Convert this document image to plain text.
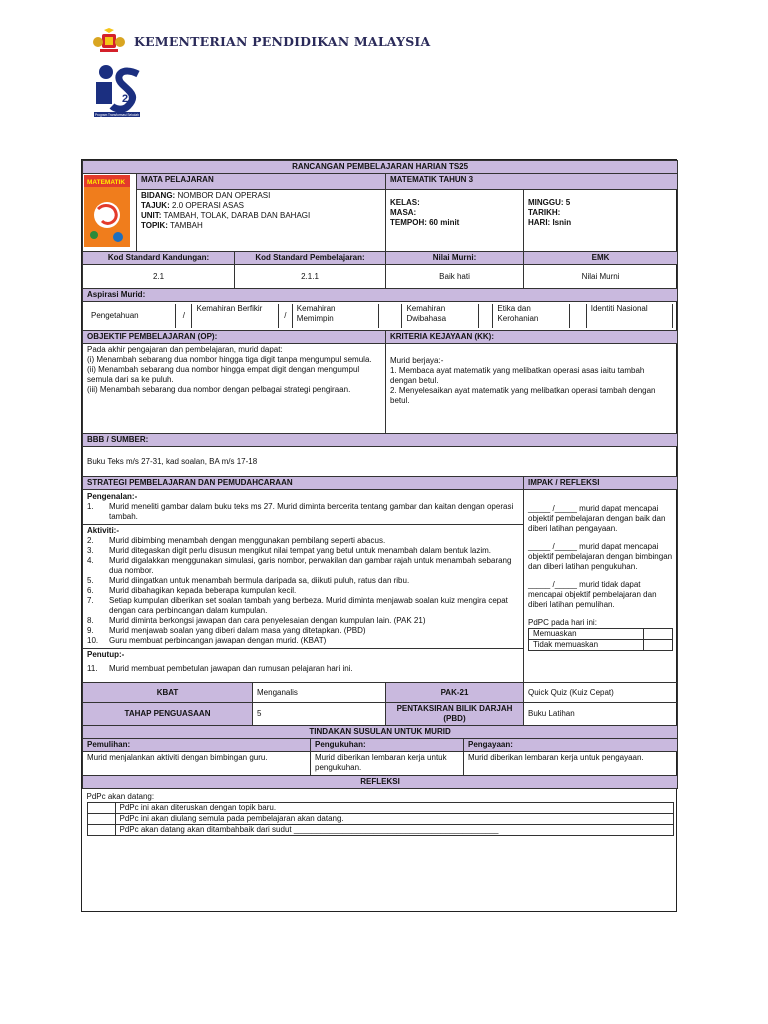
KEMENTERIAN PENDIDIKAN MALAYSIA
25
Program Transformasi Sekolah
RANCANGAN PEMBELAJARAN HARIAN TS25

MATEMATIK	MATA PELAJARAN	MATEMATIK TAHUN 3

BIDANG: NOMBOR DAN OPERASI
TAJUK: 2.0 OPERASI ASAS
UNIT: TAMBAH, TOLAK, DARAB DAN BAHAGI
TOPIK: TAMBAH

KELAS:
MASA:
TEMPOH: 60 minit

MINGGU: 5
TARIKH:
HARI: Isnin

Kod Standard Kandungan:	Kod Standard Pembelajaran:	Nilai Murni:	EMK
2.1	2.1.1	Baik hati	Nilai Murni
Aspirasi Murid:

Pengetahuan	/	Kemahiran Berfikir	/	Kemahiran Memimpin		Kemahiran Dwibahasa		Etika dan Kerohanian		Identiti Nasional

OBJEKTIF PEMBELAJARAN (OP):	KRITERIA KEJAYAAN (KK):

Pada akhir pengajaran dan pembelajaran, murid dapat:
(i) Menambah sebarang dua nombor hingga tiga digit tanpa mengumpul semula.
(ii) Menambah sebarang dua nombor hingga empat digit dengan mengumpul semula dari sa ke puluh.
(iii) Menambah sebarang dua nombor dengan pelbagai strategi pengiraan.

Murid berjaya:-
1. Membaca ayat matematik yang melibatkan operasi asas iaitu tambah dengan betul.
2. Menyelesaikan ayat matematik yang melibatkan operasi tambah dengan betul.

BBB / SUMBER:
Buku Teks m/s 27-31, kad soalan, BA m/s 17-18
STRATEGI PEMBELAJARAN DAN PEMUDAHCARAAN	IMPAK / REFLEKSI

Pengenalan:-
1.	Murid meneliti gambar dalam buku teks ms 27. Murid diminta bercerita tentang gambar dan kaitan dengan operasi tambah.
Aktiviti:-
2.	Murid dibimbing menambah dengan menggunakan pembilang seperti abacus.
3.	Murid ditegaskan digit perlu disusun mengikut nilai tempat yang betul untuk menambah dalam bentuk lazim.
4.	Murid digalakkan menggunakan simulasi, garis nombor, perwakilan dan gambar rajah untuk menambah sebarang dua nombor.
5.	Murid diingatkan untuk menambah bermula daripada sa, diikuti puluh, ratus dan ribu.
6.	Murid dibahagikan kepada beberapa kumpulan kecil.
7.	Setiap kumpulan diberikan set soalan tambah yang berbeza. Murid diminta menjawab soalan kuiz mengira cepat dengan cara perbincangan dalam kumpulan.
8.	Murid diminta berkongsi jawapan dan cara penyelesaian dengan kumpulan lain. (PAK 21)
9.	Murid menjawab soalan yang diberi dalam masa yang ditetapkan. (PBD)
10.	Guru membuat perbincangan jawapan dengan murid. (KBAT)
Penutup:-
11.	Murid membuat pembetulan jawapan dan rumusan pelajaran hari ini.

_____ /_____ murid dapat mencapai objektif pembelajaran dengan baik dan diberi latihan pengayaan.
_____ /_____ murid dapat mencapai objektif pembelajaran dengan bimbingan dan diberi latihan pengukuhan.
_____ /_____ murid tidak dapat mencapai objektif pembelajaran dan diberi latihan pemulihan.
PdPC pada hari ini:
Memuaskan	
Tidak memuaskan	

KBAT	Menganalis	PAK-21	Quick Quiz (Kuiz Cepat)
TAHAP PENGUASAAN	5	PENTAKSIRAN BILIK DARJAH (PBD)	Buku Latihan
TINDAKAN SUSULAN UNTUK MURID
Pemulihan:	Pengukuhan:	Pengayaan:
Murid menjalankan aktiviti dengan bimbingan guru.	Murid diberikan lembaran kerja untuk pengukuhan.	Murid diberikan lembaran kerja untuk pengayaan.
REFLEKSI

PdPc akan datang:
	PdPc ini akan diteruskan dengan topik baru.
	PdPc ini akan diulang semula pada pembelajaran akan datang.
	PdPc akan datang akan ditambahbaik dari sudut ______________________________________________
